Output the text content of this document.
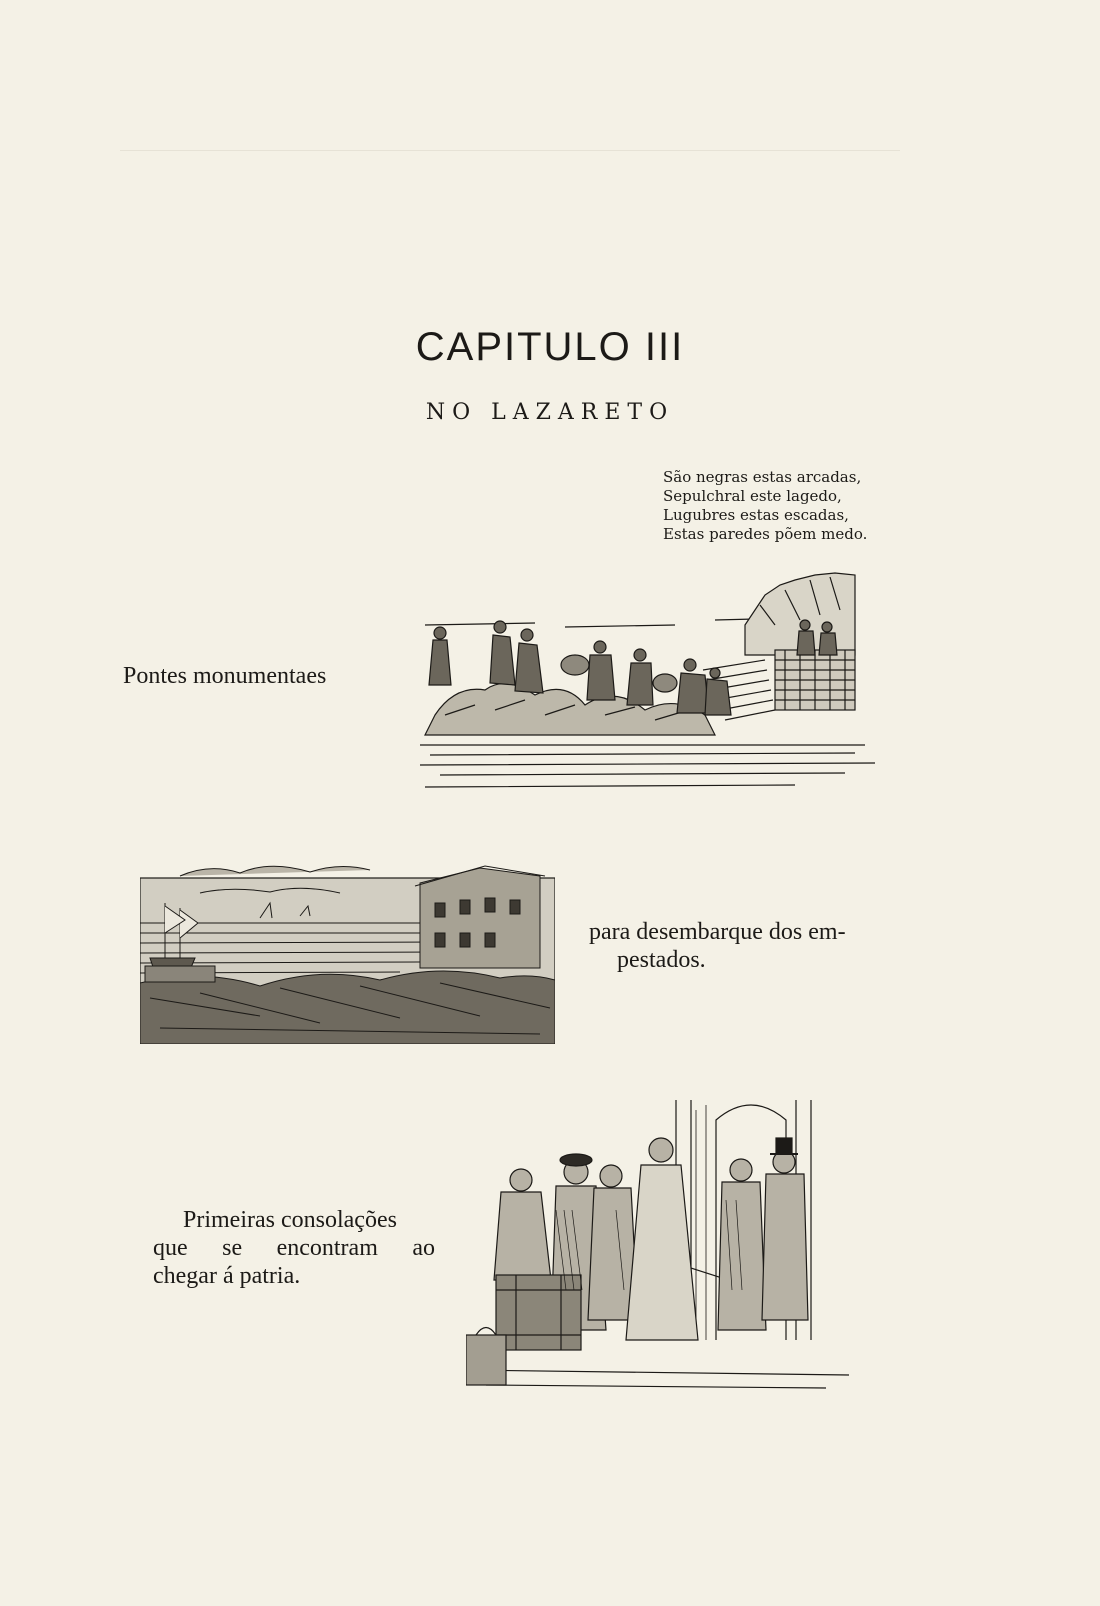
CAPITULO III
NO LAZARETO
São negras estas arcadas,
Sepulchral este lagedo,
Lugubres estas escadas,
Estas paredes põem medo.
Pontes monumentaes
para desembarque dos em-
pestados.
Primeiras consolações
que se encontram ao
chegar á patria.
